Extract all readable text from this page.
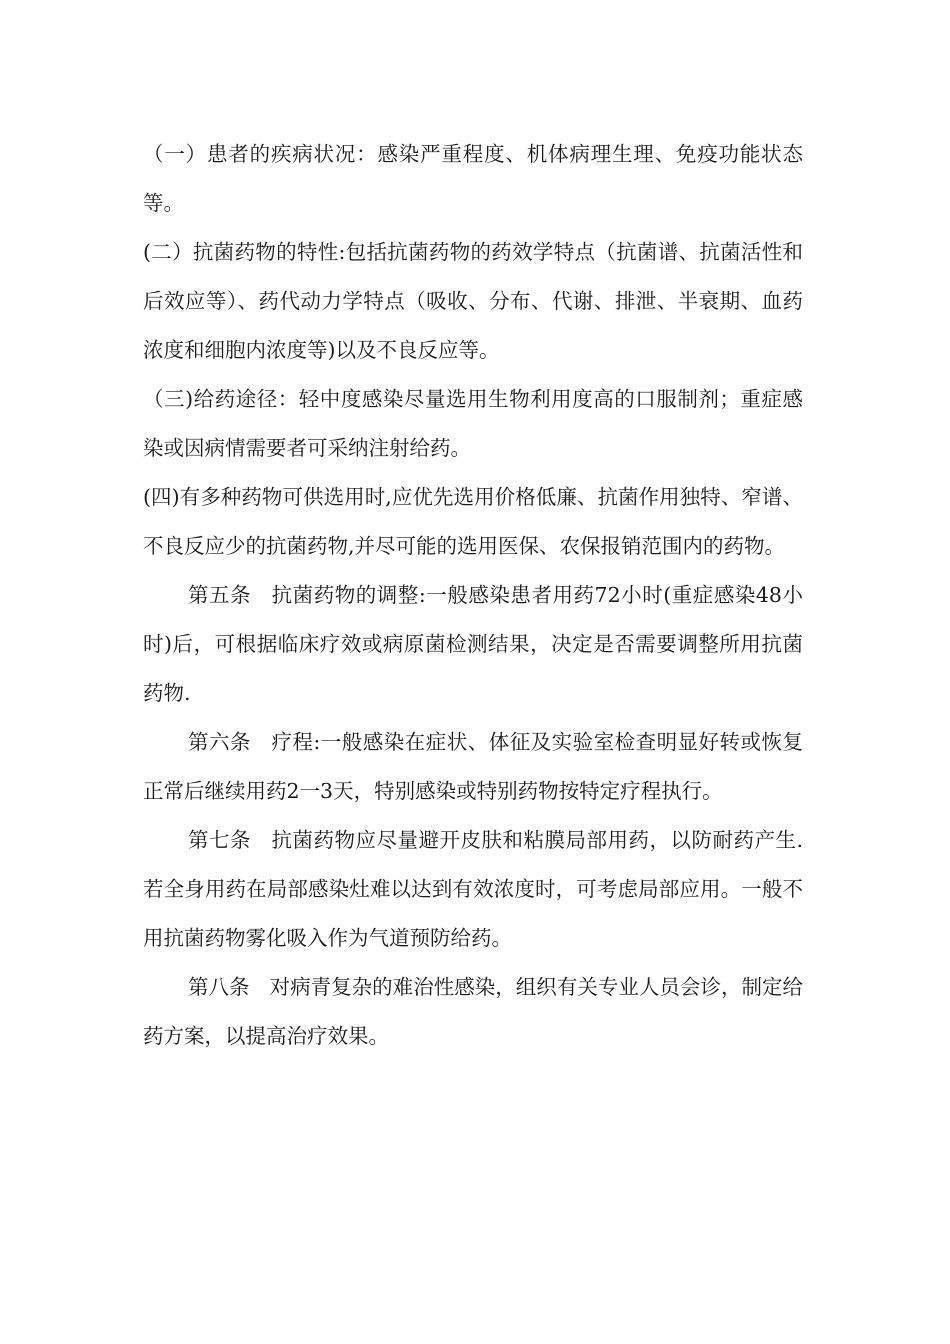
（一）患者的疾病状况：感染严重程度、机体病理生理、免疫功能状态等。

(二）抗菌药物的特性:包括抗菌药物的药效学特点（抗菌谱、抗菌活性和后效应等）、药代动力学特点（吸收、分布、代谢、排泄、半衰期、血药浓度和细胞内浓度等)以及不良反应等。

（三)给药途径：轻中度感染尽量选用生物利用度高的口服制剂；重症感染或因病情需要者可采纳注射给药。

(四)有多种药物可供选用时,应优先选用价格低廉、抗菌作用独特、窄谱、不良反应少的抗菌药物,并尽可能的选用医保、农保报销范围内的药物。

第五条 抗菌药物的调整:一般感染患者用药72小时(重症感染48小时)后，可根据临床疗效或病原菌检测结果，决定是否需要调整所用抗菌药物.

第六条 疗程:一般感染在症状、体征及实验室检查明显好转或恢复正常后继续用药2一3天，特别感染或特别药物按特定疗程执行。

第七条 抗菌药物应尽量避开皮肤和粘膜局部用药，以防耐药产生.若全身用药在局部感染灶难以达到有效浓度时，可考虑局部应用。一般不用抗菌药物雾化吸入作为气道预防给药。

第八条 对病青复杂的难治性感染，组织有关专业人员会诊，制定给药方案，以提高治疗效果。
